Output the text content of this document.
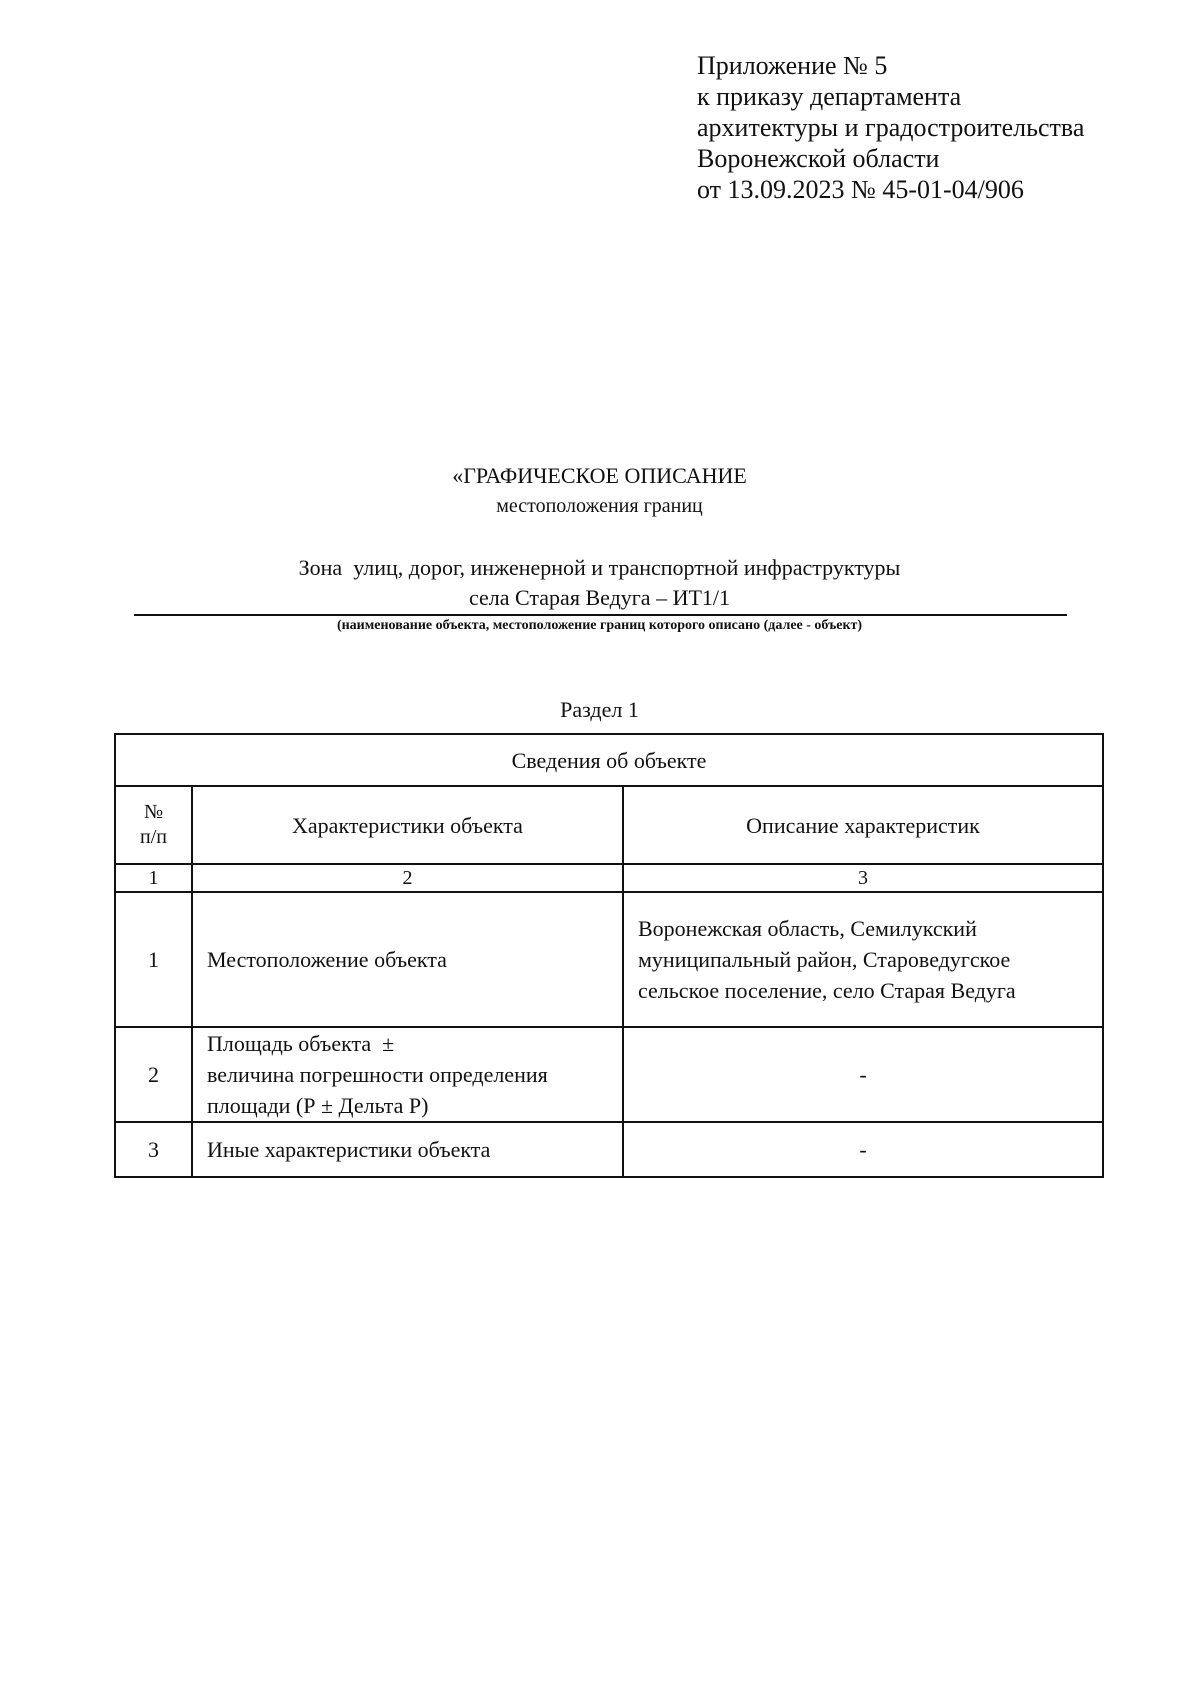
Приложение № 5
к приказу департамента
архитектуры и градостроительства
Воронежской области
от 13.09.2023 № 45-01-04/906
«ГРАФИЧЕСКОЕ ОПИСАНИЕ
местоположения границ
Зона  улиц, дорог, инженерной и транспортной инфраструктуры
села Старая Ведуга – ИТ1/1
(наименование объекта, местоположение границ которого описано (далее - объект)
Раздел 1
Сведения об объекте		

№
п/п	Характеристики объекта	Описание характеристик
1	2	3
1	Местоположение объекта	Воронежская область, Семилукский
муниципальный район, Староведугское
сельское поселение, село Старая Ведуга

2	Площадь объекта  ±
величина погрешности определения
площади (Р ± Дельта Р)	-
3	Иные характеристики объекта	-
